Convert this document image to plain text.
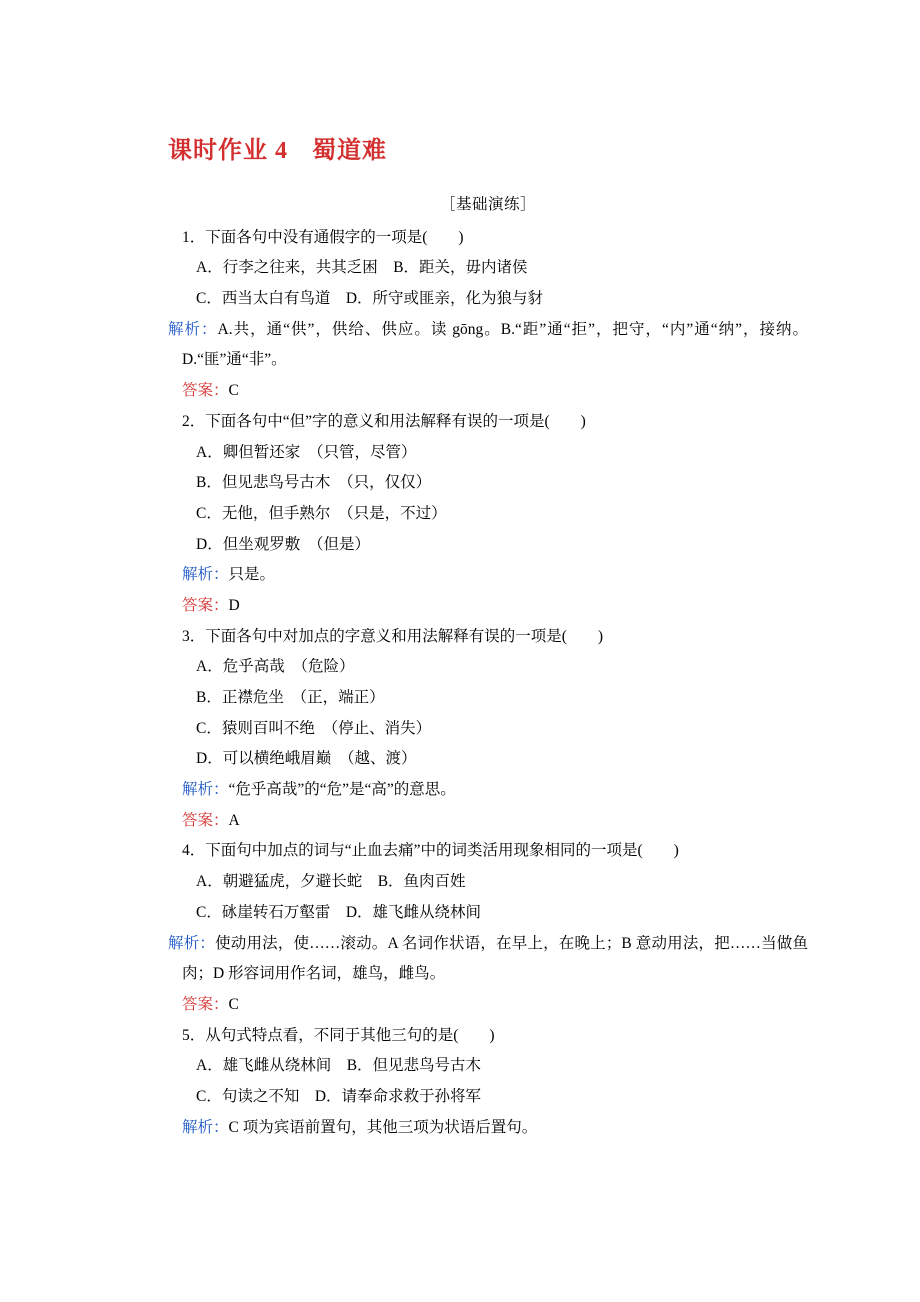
课时作业 4 蜀道难

［基础演练］

1．下面各句中没有通假字的一项是(　　)

A．行李之往来，共其乏困　B．距关，毋内诸侯

C．西当太白有鸟道　D．所守或匪亲，化为狼与豺

解析：A.共，通“供”，供给、供应。读 gōng。B.“距”通“拒”，把守，“内”通“纳”，接纳。D.“匪”通“非”。

答案：C

2．下面各句中“但”字的意义和用法解释有误的一项是(　　)

A．卿但暂还家　（只管，尽管）

B．但见悲鸟号古木　（只，仅仅）

C．无他，但手熟尔　（只是，不过）

D．但坐观罗敷　（但是）

解析：只是。

答案：D

3．下面各句中对加点的字意义和用法解释有误的一项是(　　)

A．危乎高哉　（危险）

B．正襟危坐　（正，端正）

C．猿则百叫不绝　（停止、消失）

D．可以横绝峨眉巅　（越、渡）

解析：“危乎高哉”的“危”是“高”的意思。

答案：A

4．下面句中加点的词与“止血去痛”中的词类活用现象相同的一项是(　　)

A．朝避猛虎，夕避长蛇　B．鱼肉百姓

C．砯崖转石万壑雷　D．雄飞雌从绕林间

解析：使动用法，使……滚动。A 名词作状语，在早上，在晚上；B 意动用法，把……当做鱼肉；D 形容词用作名词，雄鸟，雌鸟。

答案：C

5．从句式特点看，不同于其他三句的是(　　)

A．雄飞雌从绕林间　B．但见悲鸟号古木

C．句读之不知　D．请奉命求救于孙将军

解析：C 项为宾语前置句，其他三项为状语后置句。
